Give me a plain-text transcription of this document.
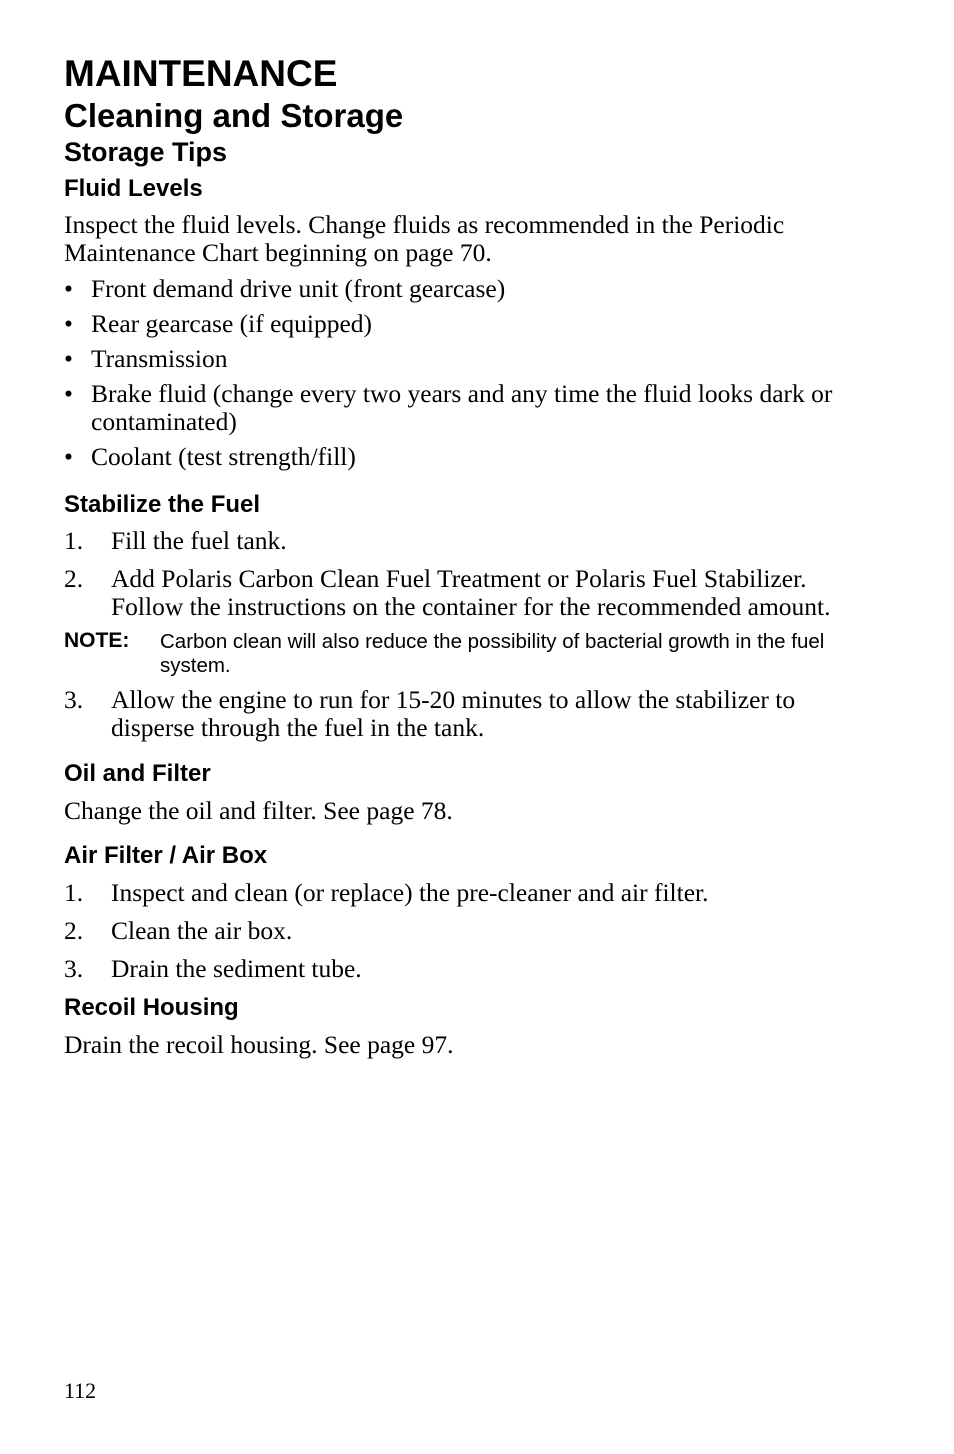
MAINTENANCE
Cleaning and Storage
Storage Tips
Fluid Levels

Inspect the fluid levels. Change fluids as recommended in the Periodic Maintenance Chart beginning on page 70.

• Front demand drive unit (front gearcase)
• Rear gearcase (if equipped)
• Transmission
• Brake fluid (change every two years and any time the fluid looks dark or contaminated)
• Coolant (test strength/fill)
Stabilize the Fuel
1. Fill the fuel tank.
2. Add Polaris Carbon Clean Fuel Treatment or Polaris Fuel Stabilizer. Follow the instructions on the container for the recommended amount.
NOTE: Carbon clean will also reduce the possibility of bacterial growth in the fuel system.
3. Allow the engine to run for 15-20 minutes to allow the stabilizer to disperse through the fuel in the tank.
Oil and Filter

Change the oil and filter. See page 78.

Air Filter / Air Box
1. Inspect and clean (or replace) the pre-cleaner and air filter.
2. Clean the air box.
3. Drain the sediment tube.
Recoil Housing

Drain the recoil housing. See page 97.

112
